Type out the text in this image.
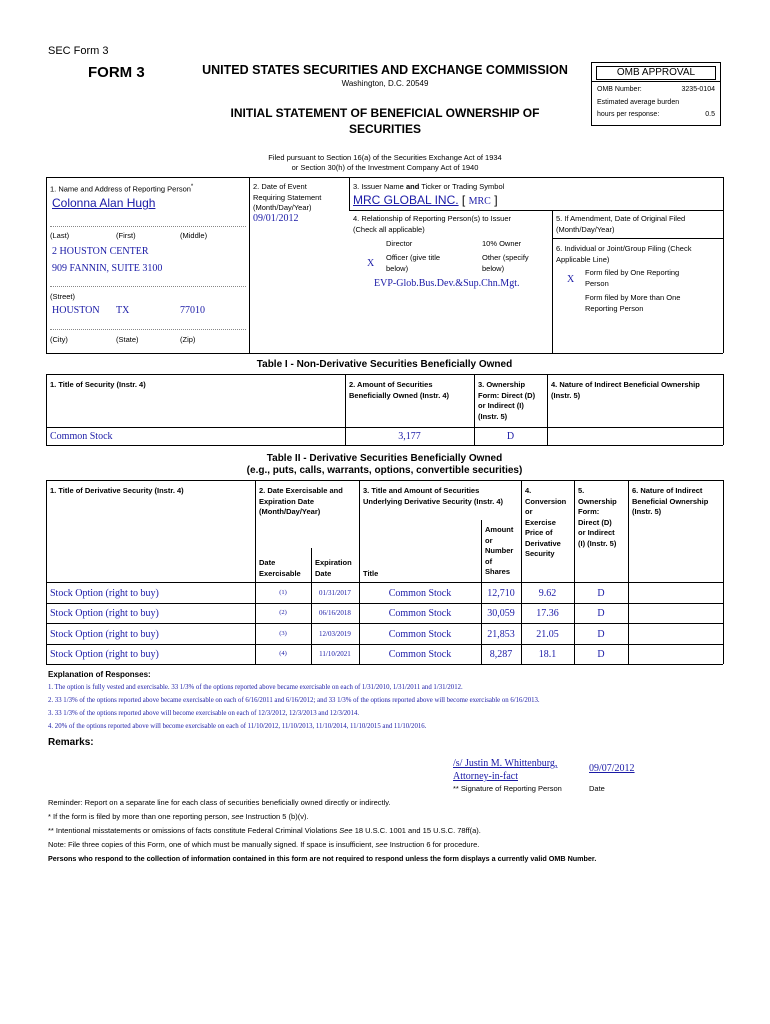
SEC Form 3
FORM 3	UNITED STATES SECURITIES AND EXCHANGE COMMISSION
Washington, D.C. 20549
INITIAL STATEMENT OF BENEFICIAL OWNERSHIP OF
SECURITIES
OMB APPROVAL
OMB Number:	3235-0104
Estimated average burden
hours per response:	0.5
Filed pursuant to Section 16(a) of the Securities Exchange Act of 1934
or Section 30(h) of the Investment Company Act of 1940
1. Name and Address of Reporting Person*
Colonna Alan Hugh
(Last)	(First)	(Middle)
2 HOUSTON CENTER
909 FANNIN, SUITE 3100
(Street)
HOUSTON TX	77010
(City)	(State)	(Zip)
2. Date of Event
Requiring Statement
(Month/Day/Year)
09/01/2012
3. Issuer Name and Ticker or Trading Symbol
MRC GLOBAL INC. [ MRC ]
4. Relationship of Reporting Person(s) to Issuer
(Check all applicable)
Director	10% Owner
X
Officer (give title
below)
Other (specify
below)
EVP-Glob.Bus.Dev.&Sup.Chn.Mgt.
5. If Amendment, Date of Original Filed
(Month/Day/Year)
6. Individual or Joint/Group Filing (Check
Applicable Line)
X
Form filed by One Reporting
Person
Form filed by More than One
Reporting Person
Table I - Non-Derivative Securities Beneficially Owned
1. Title of Security (Instr. 4)	2. Amount of Securities
Beneficially Owned (Instr. 4)
3. Ownership
Form: Direct (D)
or Indirect (I)
(Instr. 5)
4. Nature of Indirect Beneficial Ownership
(Instr. 5)
Common Stock	3,177	D
Table II - Derivative Securities Beneficially Owned
(e.g., puts, calls, warrants, options, convertible securities)
1. Title of Derivative Security (Instr. 4)	2. Date Exercisable and
Expiration Date
(Month/Day/Year)
Date
Exercisable
Expiration
Date
3. Title and Amount of Securities
Underlying Derivative Security (Instr. 4)
Title
Amount
or
Number
of
Shares
4.
Conversion
or
Exercise
Price of
Derivative
Security
5.
Ownership
Form:
Direct (D)
or Indirect
(I) (Instr. 5)
6. Nature of Indirect
Beneficial Ownership
(Instr. 5)
Stock Option (right to buy)	(1)	01/31/2017	Common Stock	12,710	9.62	D
Stock Option (right to buy)	(2)	06/16/2018	Common Stock	30,059	17.36	D
Stock Option (right to buy)	(3)	12/03/2019	Common Stock	21,853	21.05	D
Stock Option (right to buy)	(4)	11/10/2021	Common Stock	8,287	18.1	D
Explanation of Responses:
1. The option is fully vested and exercisable. 33 1/3% of the options reported above became exercisable on each of 1/31/2010, 1/31/2011 and 1/31/2012.
2. 33 1/3% of the options reported above became exercisable on each of 6/16/2011 and 6/16/2012; and 33 1/3% of the options reported above will become exercisable on 6/16/2013.
3. 33 1/3% of the options reported above will become exercisable on each of 12/3/2012, 12/3/2013 and 12/3/2014.
4. 20% of the options reported above will become exercisable on each of 11/10/2012, 11/10/2013, 11/10/2014, 11/10/2015 and 11/10/2016.
Remarks:
/s/ Justin M. Whittenburg,
Attorney-in-fact
09/07/2012
** Signature of Reporting Person	Date
Reminder: Report on a separate line for each class of securities beneficially owned directly or indirectly.
* If the form is filed by more than one reporting person, see Instruction 5 (b)(v).
** Intentional misstatements or omissions of facts constitute Federal Criminal Violations See 18 U.S.C. 1001 and 15 U.S.C. 78ff(a).
Note: File three copies of this Form, one of which must be manually signed. If space is insufficient, see Instruction 6 for procedure.
Persons who respond to the collection of information contained in this form are not required to respond unless the form displays a currently valid OMB Number.
